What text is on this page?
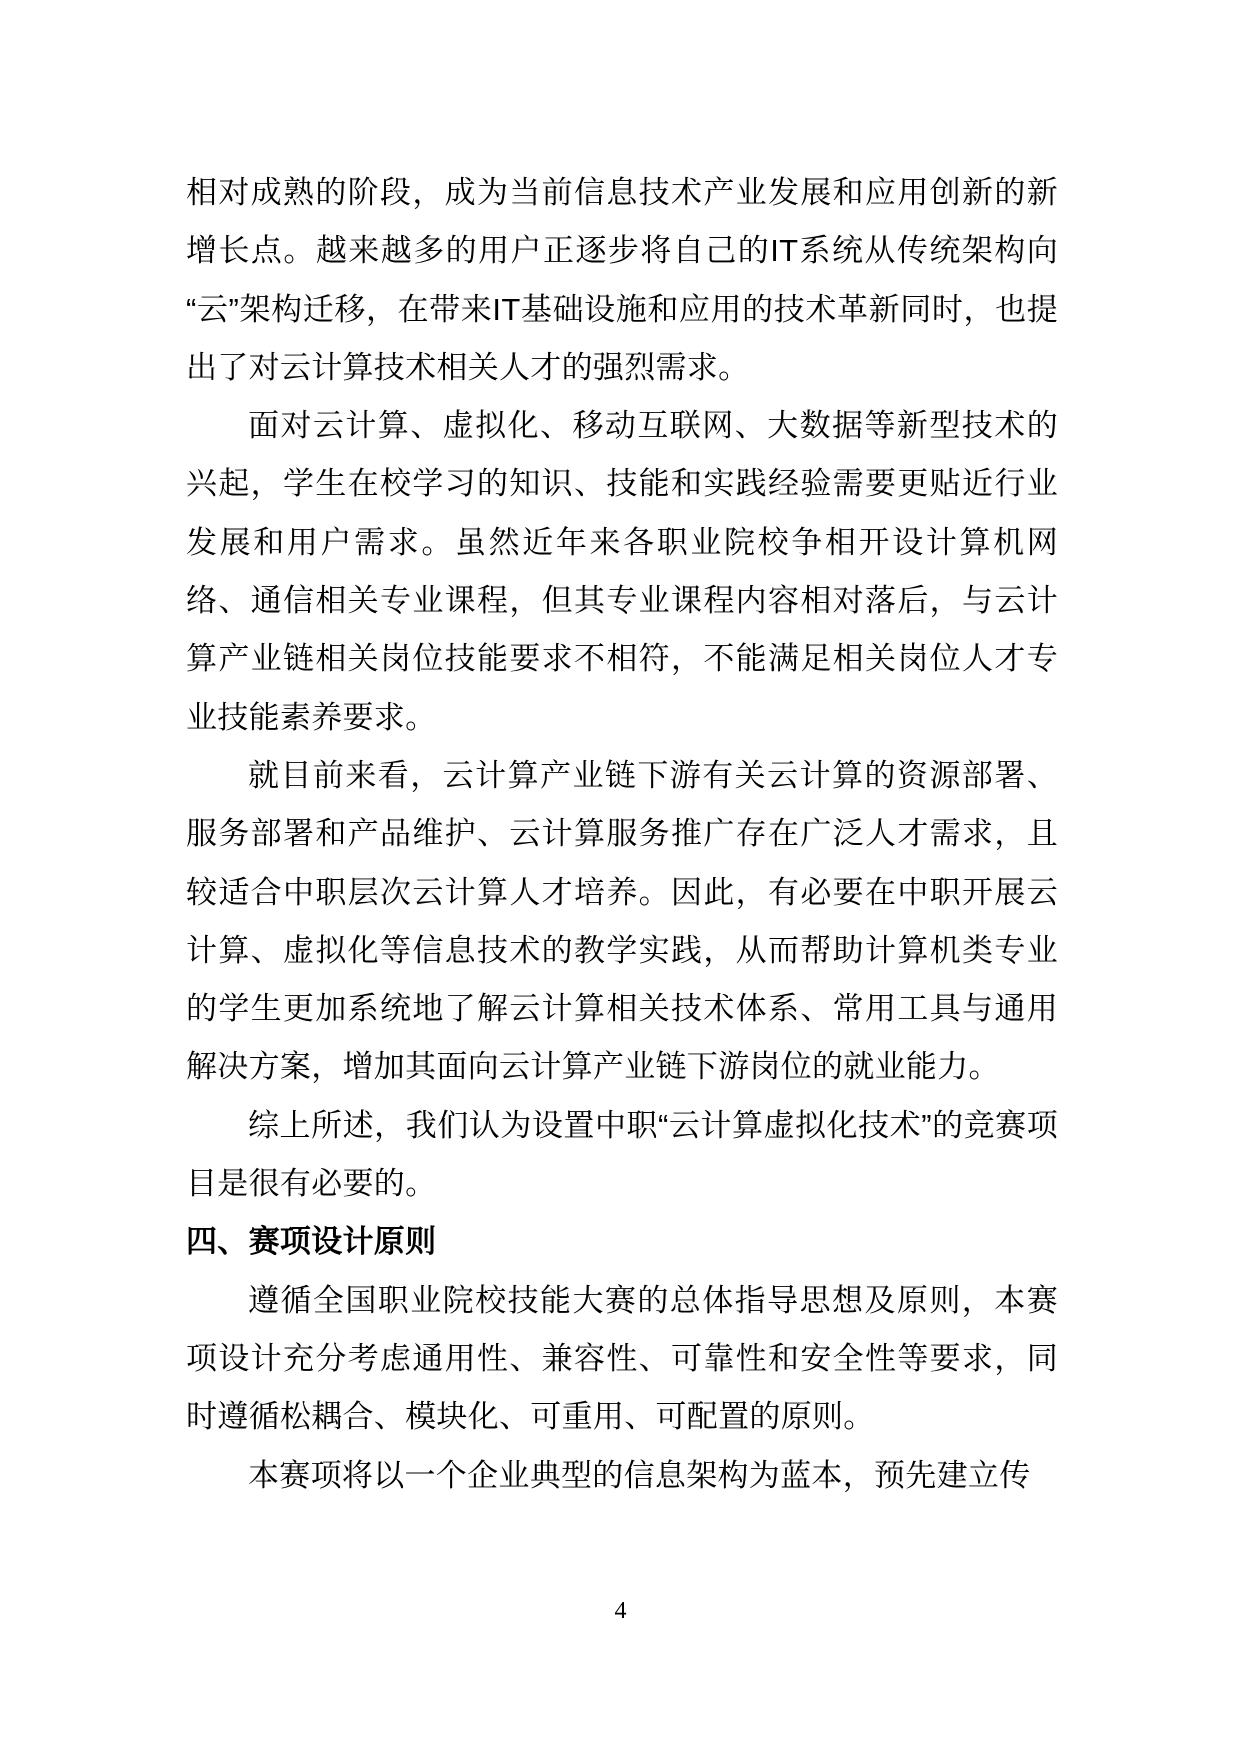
相对成熟的阶段，成为当前信息技术产业发展和应用创新的新增长点。越来越多的用户正逐步将自己的IT系统从传统架构向“云”架构迁移，在带来IT基础设施和应用的技术革新同时，也提出了对云计算技术相关人才的强烈需求。

面对云计算、虚拟化、移动互联网、大数据等新型技术的兴起，学生在校学习的知识、技能和实践经验需要更贴近行业发展和用户需求。虽然近年来各职业院校争相开设计算机网络、通信相关专业课程，但其专业课程内容相对落后，与云计算产业链相关岗位技能要求不相符，不能满足相关岗位人才专业技能素养要求。

就目前来看，云计算产业链下游有关云计算的资源部署、服务部署和产品维护、云计算服务推广存在广泛人才需求，且较适合中职层次云计算人才培养。因此，有必要在中职开展云计算、虚拟化等信息技术的教学实践，从而帮助计算机类专业的学生更加系统地了解云计算相关技术体系、常用工具与通用解决方案，增加其面向云计算产业链下游岗位的就业能力。

综上所述，我们认为设置中职“云计算虚拟化技术”的竞赛项目是很有必要的。

四、赛项设计原则

遵循全国职业院校技能大赛的总体指导思想及原则，本赛项设计充分考虑通用性、兼容性、可靠性和安全性等要求，同时遵循松耦合、模块化、可重用、可配置的原则。

本赛项将以一个企业典型的信息架构为蓝本，预先建立传

4
